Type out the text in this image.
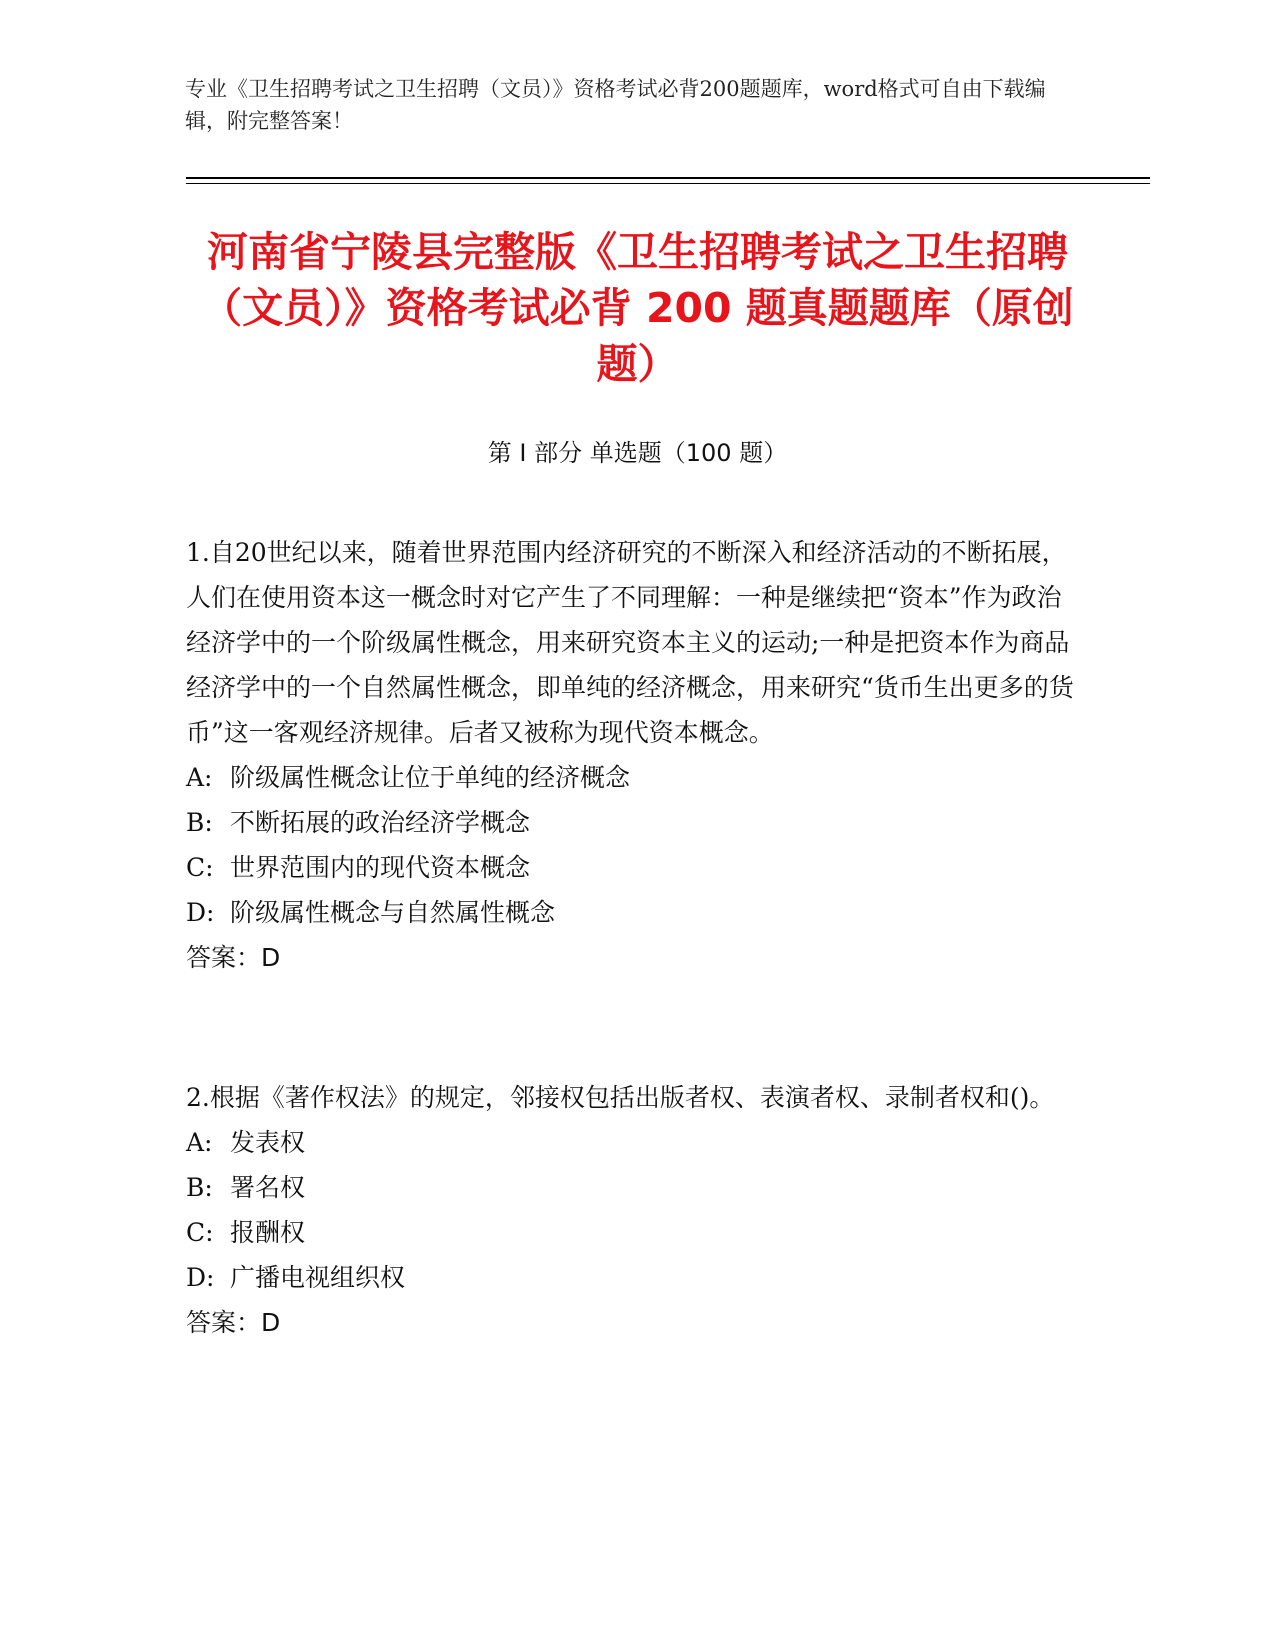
专业《卫生招聘考试之卫生招聘（文员）》资格考试必背200题题库，word格式可自由下载编辑，附完整答案！
河南省宁陵县完整版《卫生招聘考试之卫生招聘（文员）》资格考试必背 200 题真题题库（原创题）
第 I 部分 单选题（100 题）

1.自20世纪以来，随着世界范围内经济研究的不断深入和经济活动的不断拓展，人们在使用资本这一概念时对它产生了不同理解：一种是继续把“资本”作为政治经济学中的一个阶级属性概念，用来研究资本主义的运动;一种是把资本作为商品经济学中的一个自然属性概念，即单纯的经济概念，用来研究“货币生出更多的货币”这一客观经济规律。后者又被称为现代资本概念。

A: 阶级属性概念让位于单纯的经济概念

B: 不断拓展的政治经济学概念

C: 世界范围内的现代资本概念

D: 阶级属性概念与自然属性概念

答案：D

2.根据《著作权法》的规定，邻接权包括出版者权、表演者权、录制者权和()。

A: 发表权

B: 署名权

C: 报酬权

D: 广播电视组织权

答案：D
